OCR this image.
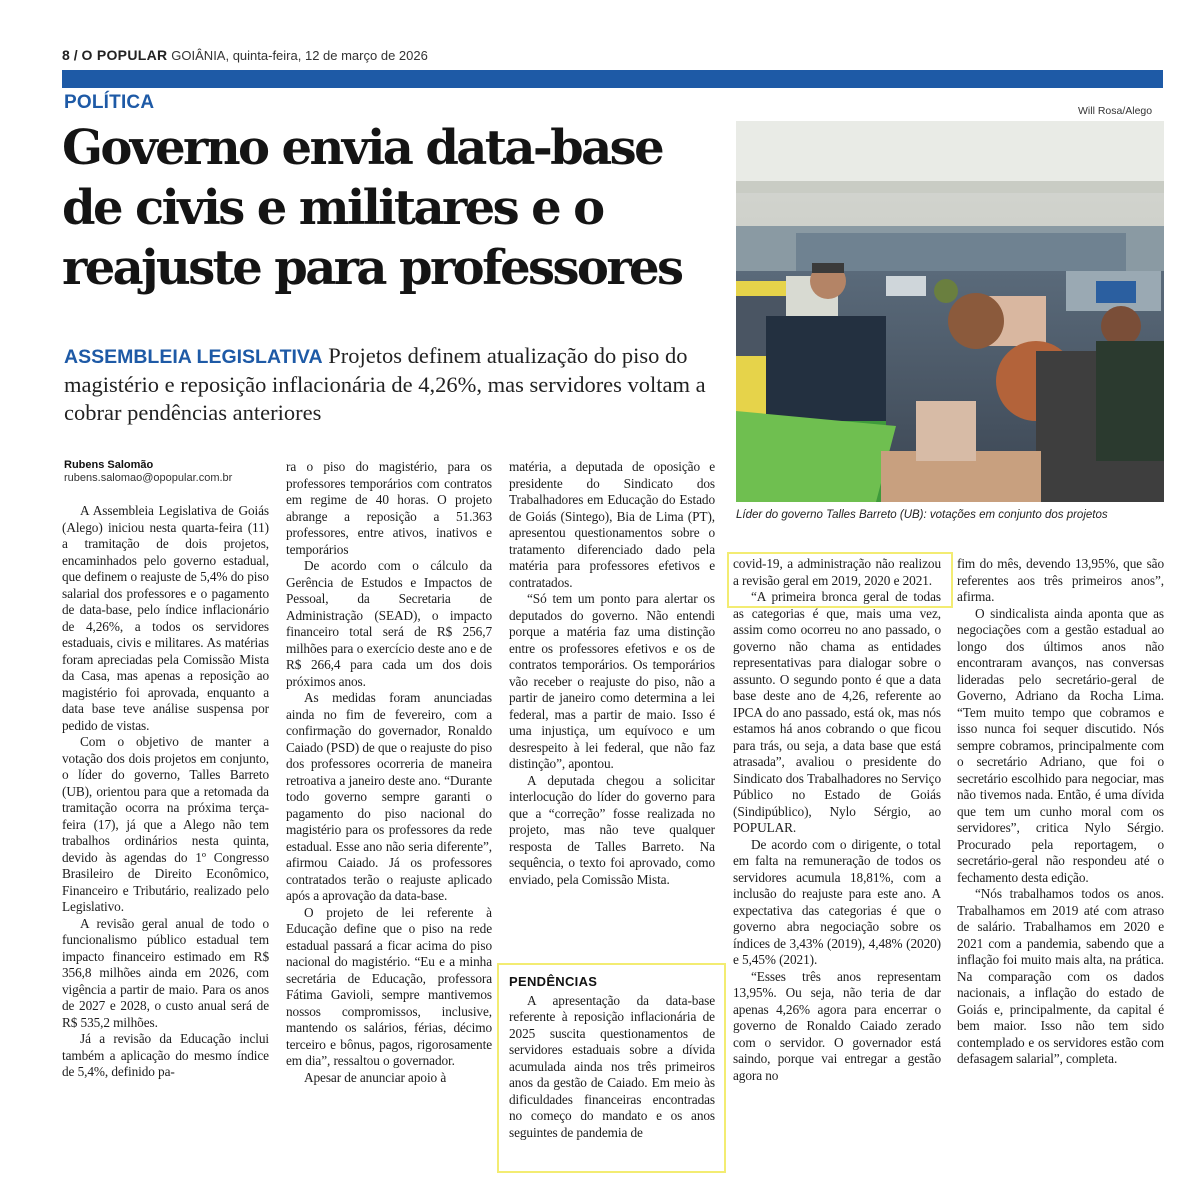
8 / O POPULAR GOIÂNIA, quinta-feira, 12 de março de 2026
POLÍTICA
Governo envia data-base
de civis e militares e o
reajuste para professores
Will Rosa/Alego
Líder do governo Talles Barreto (UB): votações em conjunto dos projetos
ASSEMBLEIA LEGISLATIVA Projetos definem atualização do piso do magistério e reposição inflacionária de 4,26%, mas servidores voltam a cobrar pendências anteriores
Rubens Salomão
rubens.salomao@opopular.com.br

A Assembleia Legislativa de Goiás (Alego) iniciou nesta quarta-feira (11) a tramitação de dois projetos, encaminhados pelo governo estadual, que definem o reajuste de 5,4% do piso salarial dos professores e o pagamento de data-base, pelo índice inflacionário de 4,26%, a todos os servidores estaduais, civis e militares. As matérias foram apreciadas pela Comissão Mista da Casa, mas apenas a reposição ao magistério foi aprovada, enquanto a data base teve análise suspensa por pedido de vistas.

Com o objetivo de manter a votação dos dois projetos em conjunto, o líder do governo, Talles Barreto (UB), orientou para que a retomada da tramitação ocorra na próxima terça-feira (17), já que a Alego não tem trabalhos ordinários nesta quinta, devido às agendas do 1º Congresso Brasileiro de Direito Econômico, Financeiro e Tributário, realizado pelo Legislativo.

A revisão geral anual de todo o funcionalismo público estadual tem impacto financeiro estimado em R$ 356,8 milhões ainda em 2026, com vigência a partir de maio. Para os anos de 2027 e 2028, o custo anual será de R$ 535,2 milhões.

Já a revisão da Educação inclui também a aplicação do mesmo índice de 5,4%, definido pa-

ra o piso do magistério, para os professores temporários com contratos em regime de 40 horas. O projeto abrange a reposição a 51.363 professores, entre ativos, inativos e temporários

De acordo com o cálculo da Gerência de Estudos e Impactos de Pessoal, da Secretaria de Administração (SEAD), o impacto financeiro total será de R$ 256,7 milhões para o exercício deste ano e de R$ 266,4 para cada um dos dois próximos anos.

As medidas foram anunciadas ainda no fim de fevereiro, com a confirmação do governador, Ronaldo Caiado (PSD) de que o reajuste do piso dos professores ocorreria de maneira retroativa a janeiro deste ano. “Durante todo governo sempre garanti o pagamento do piso nacional do magistério para os professores da rede estadual. Esse ano não seria diferente”, afirmou Caiado. Já os professores contratados terão o reajuste aplicado após a aprovação da data-base.

O projeto de lei referente à Educação define que o piso na rede estadual passará a ficar acima do piso nacional do magistério. “Eu e a minha secretária de Educação, professora Fátima Gavioli, sempre mantivemos nossos compromissos, inclusive, mantendo os salários, férias, décimo terceiro e bônus, pagos, rigorosamente em dia”, ressaltou o governador.

Apesar de anunciar apoio à

matéria, a deputada de oposição e presidente do Sindicato dos Trabalhadores em Educação do Estado de Goiás (Sintego), Bia de Lima (PT), apresentou questionamentos sobre o tratamento diferenciado dado pela matéria para professores efetivos e contratados.

“Só tem um ponto para alertar os deputados do governo. Não entendi porque a matéria faz uma distinção entre os professores efetivos e os de contratos temporários. Os temporários vão receber o reajuste do piso, não a partir de janeiro como determina a lei federal, mas a partir de maio. Isso é uma injustiça, um equívoco e um desrespeito à lei federal, que não faz distinção”, apontou.

A deputada chegou a solicitar interlocução do líder do governo para que a “correção” fosse realizada no projeto, mas não teve qualquer resposta de Talles Barreto. Na sequência, o texto foi aprovado, como enviado, pela Comissão Mista.

PENDÊNCIAS

A apresentação da data-base referente à reposição inflacionária de 2025 suscita questionamentos de servidores estaduais sobre a dívida acumulada ainda nos três primeiros anos da gestão de Caiado. Em meio às dificuldades financeiras encontradas no começo do mandato e os anos seguintes de pandemia de

covid-19, a administração não realizou a revisão geral em 2019, 2020 e 2021.

“A primeira bronca geral de todas as categorias é que, mais uma vez, assim como ocorreu no ano passado, o governo não chama as entidades representativas para dialogar sobre o assunto. O segundo ponto é que a data base deste ano de 4,26, referente ao IPCA do ano passado, está ok, mas nós estamos há anos cobrando o que ficou para trás, ou seja, a data base que está atrasada”, avaliou o presidente do Sindicato dos Trabalhadores no Serviço Público no Estado de Goiás (Sindipúblico), Nylo Sérgio, ao POPULAR.

De acordo com o dirigente, o total em falta na remuneração de todos os servidores acumula 18,81%, com a inclusão do reajuste para este ano. A expectativa das categorias é que o governo abra negociação sobre os índices de 3,43% (2019), 4,48% (2020) e 5,45% (2021).

“Esses três anos representam 13,95%. Ou seja, não teria de dar apenas 4,26% agora para encerrar o governo de Ronaldo Caiado zerado com o servidor. O governador está saindo, porque vai entregar a gestão agora no

fim do mês, devendo 13,95%, que são referentes aos três primeiros anos”, afirma.

O sindicalista ainda aponta que as negociações com a gestão estadual ao longo dos últimos anos não encontraram avanços, nas conversas lideradas pelo secretário-geral de Governo, Adriano da Rocha Lima. “Tem muito tempo que cobramos e isso nunca foi sequer discutido. Nós sempre cobramos, principalmente com o secretário Adriano, que foi o secretário escolhido para negociar, mas não tivemos nada. Então, é uma dívida que tem um cunho moral com os servidores”, critica Nylo Sérgio. Procurado pela reportagem, o secretário-geral não respondeu até o fechamento desta edição.

“Nós trabalhamos todos os anos. Trabalhamos em 2019 até com atraso de salário. Trabalhamos em 2020 e 2021 com a pandemia, sabendo que a inflação foi muito mais alta, na prática. Na comparação com os dados nacionais, a inflação do estado de Goiás e, principalmente, da capital é bem maior. Isso não tem sido contemplado e os servidores estão com defasagem salarial”, completa.
